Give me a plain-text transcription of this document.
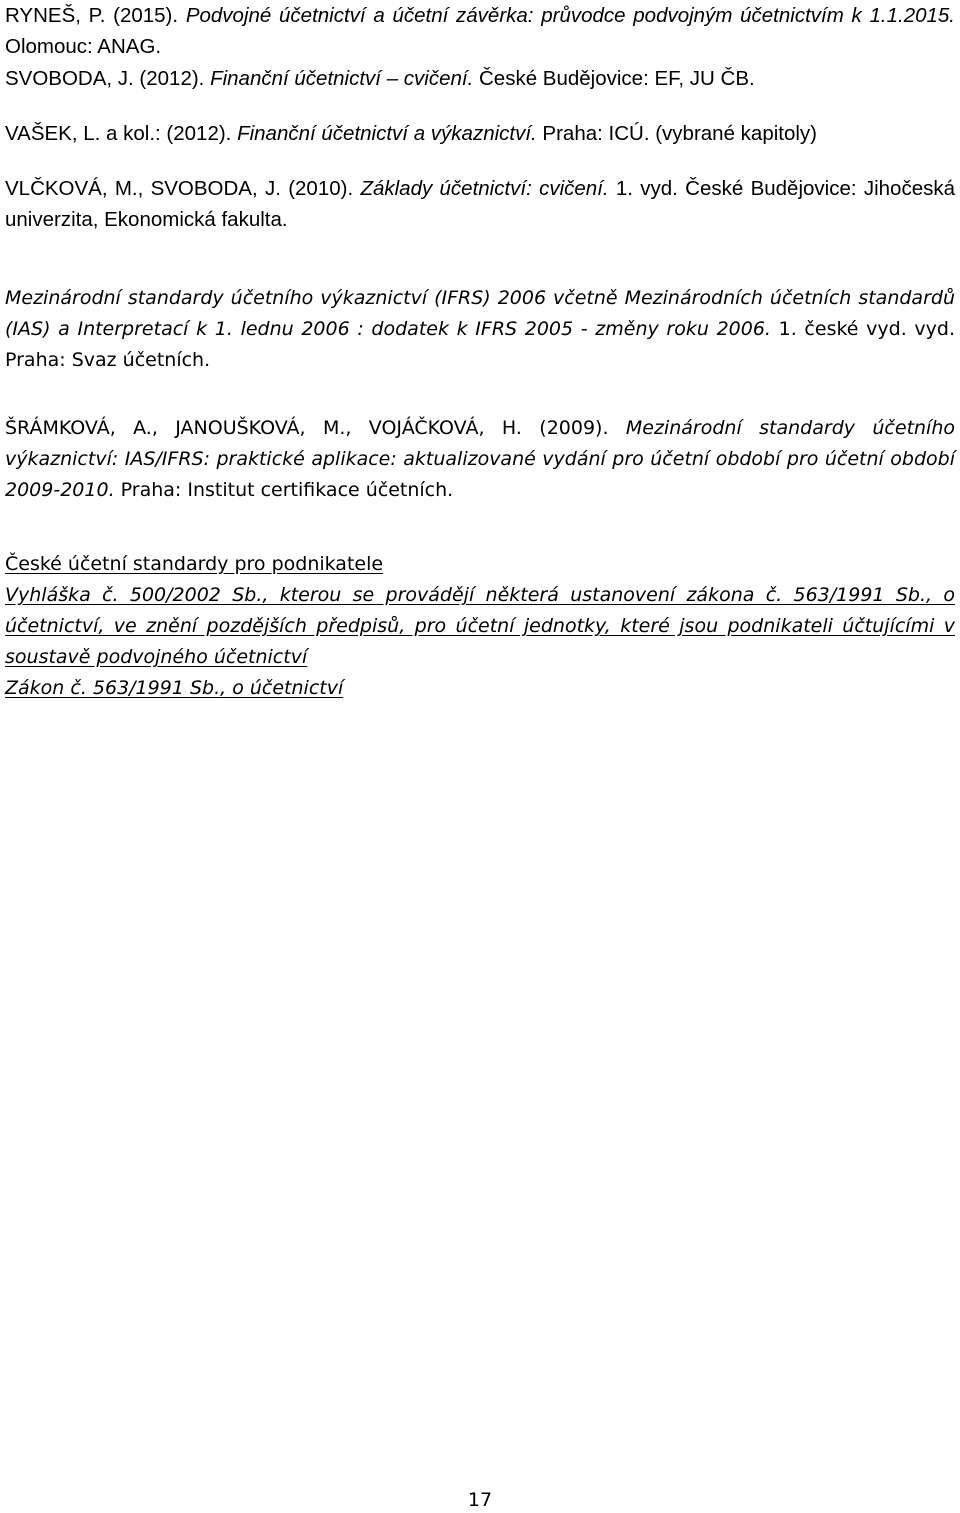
RYNEŠ, P. (2015). Podvojné účetnictví a účetní závěrka: průvodce podvojným účetnictvím k 1.1.2015. Olomouc: ANAG.

SVOBODA, J. (2012). Finanční účetnictví – cvičení. České Budějovice: EF, JU ČB.

VAŠEK, L. a kol.: (2012). Finanční účetnictví a výkaznictví. Praha: ICÚ. (vybrané kapitoly)

VLČKOVÁ, M., SVOBODA, J. (2010). Základy účetnictví: cvičení. 1. vyd. České Budějovice: Jihočeská univerzita, Ekonomická fakulta.

Mezinárodní standardy účetního výkaznictví (IFRS) 2006 včetně Mezinárodních účetních standardů (IAS) a Interpretací k 1. lednu 2006 : dodatek k IFRS 2005 - změny roku 2006. 1. české vyd. vyd. Praha: Svaz účetních.

ŠRÁMKOVÁ, A., JANOUŠKOVÁ, M., VOJÁČKOVÁ, H. (2009). Mezinárodní standardy účetního výkaznictví: IAS/IFRS: praktické aplikace: aktualizované vydání pro účetní období pro účetní období 2009-2010. Praha: Institut certifikace účetních.

České účetní standardy pro podnikatele
Vyhláška č. 500/2002 Sb., kterou se provádějí některá ustanovení zákona č. 563/1991 Sb., o účetnictví, ve znění pozdějších předpisů, pro účetní jednotky, které jsou podnikateli účtujícími v soustavě podvojného účetnictví
Zákon č. 563/1991 Sb., o účetnictví
17
